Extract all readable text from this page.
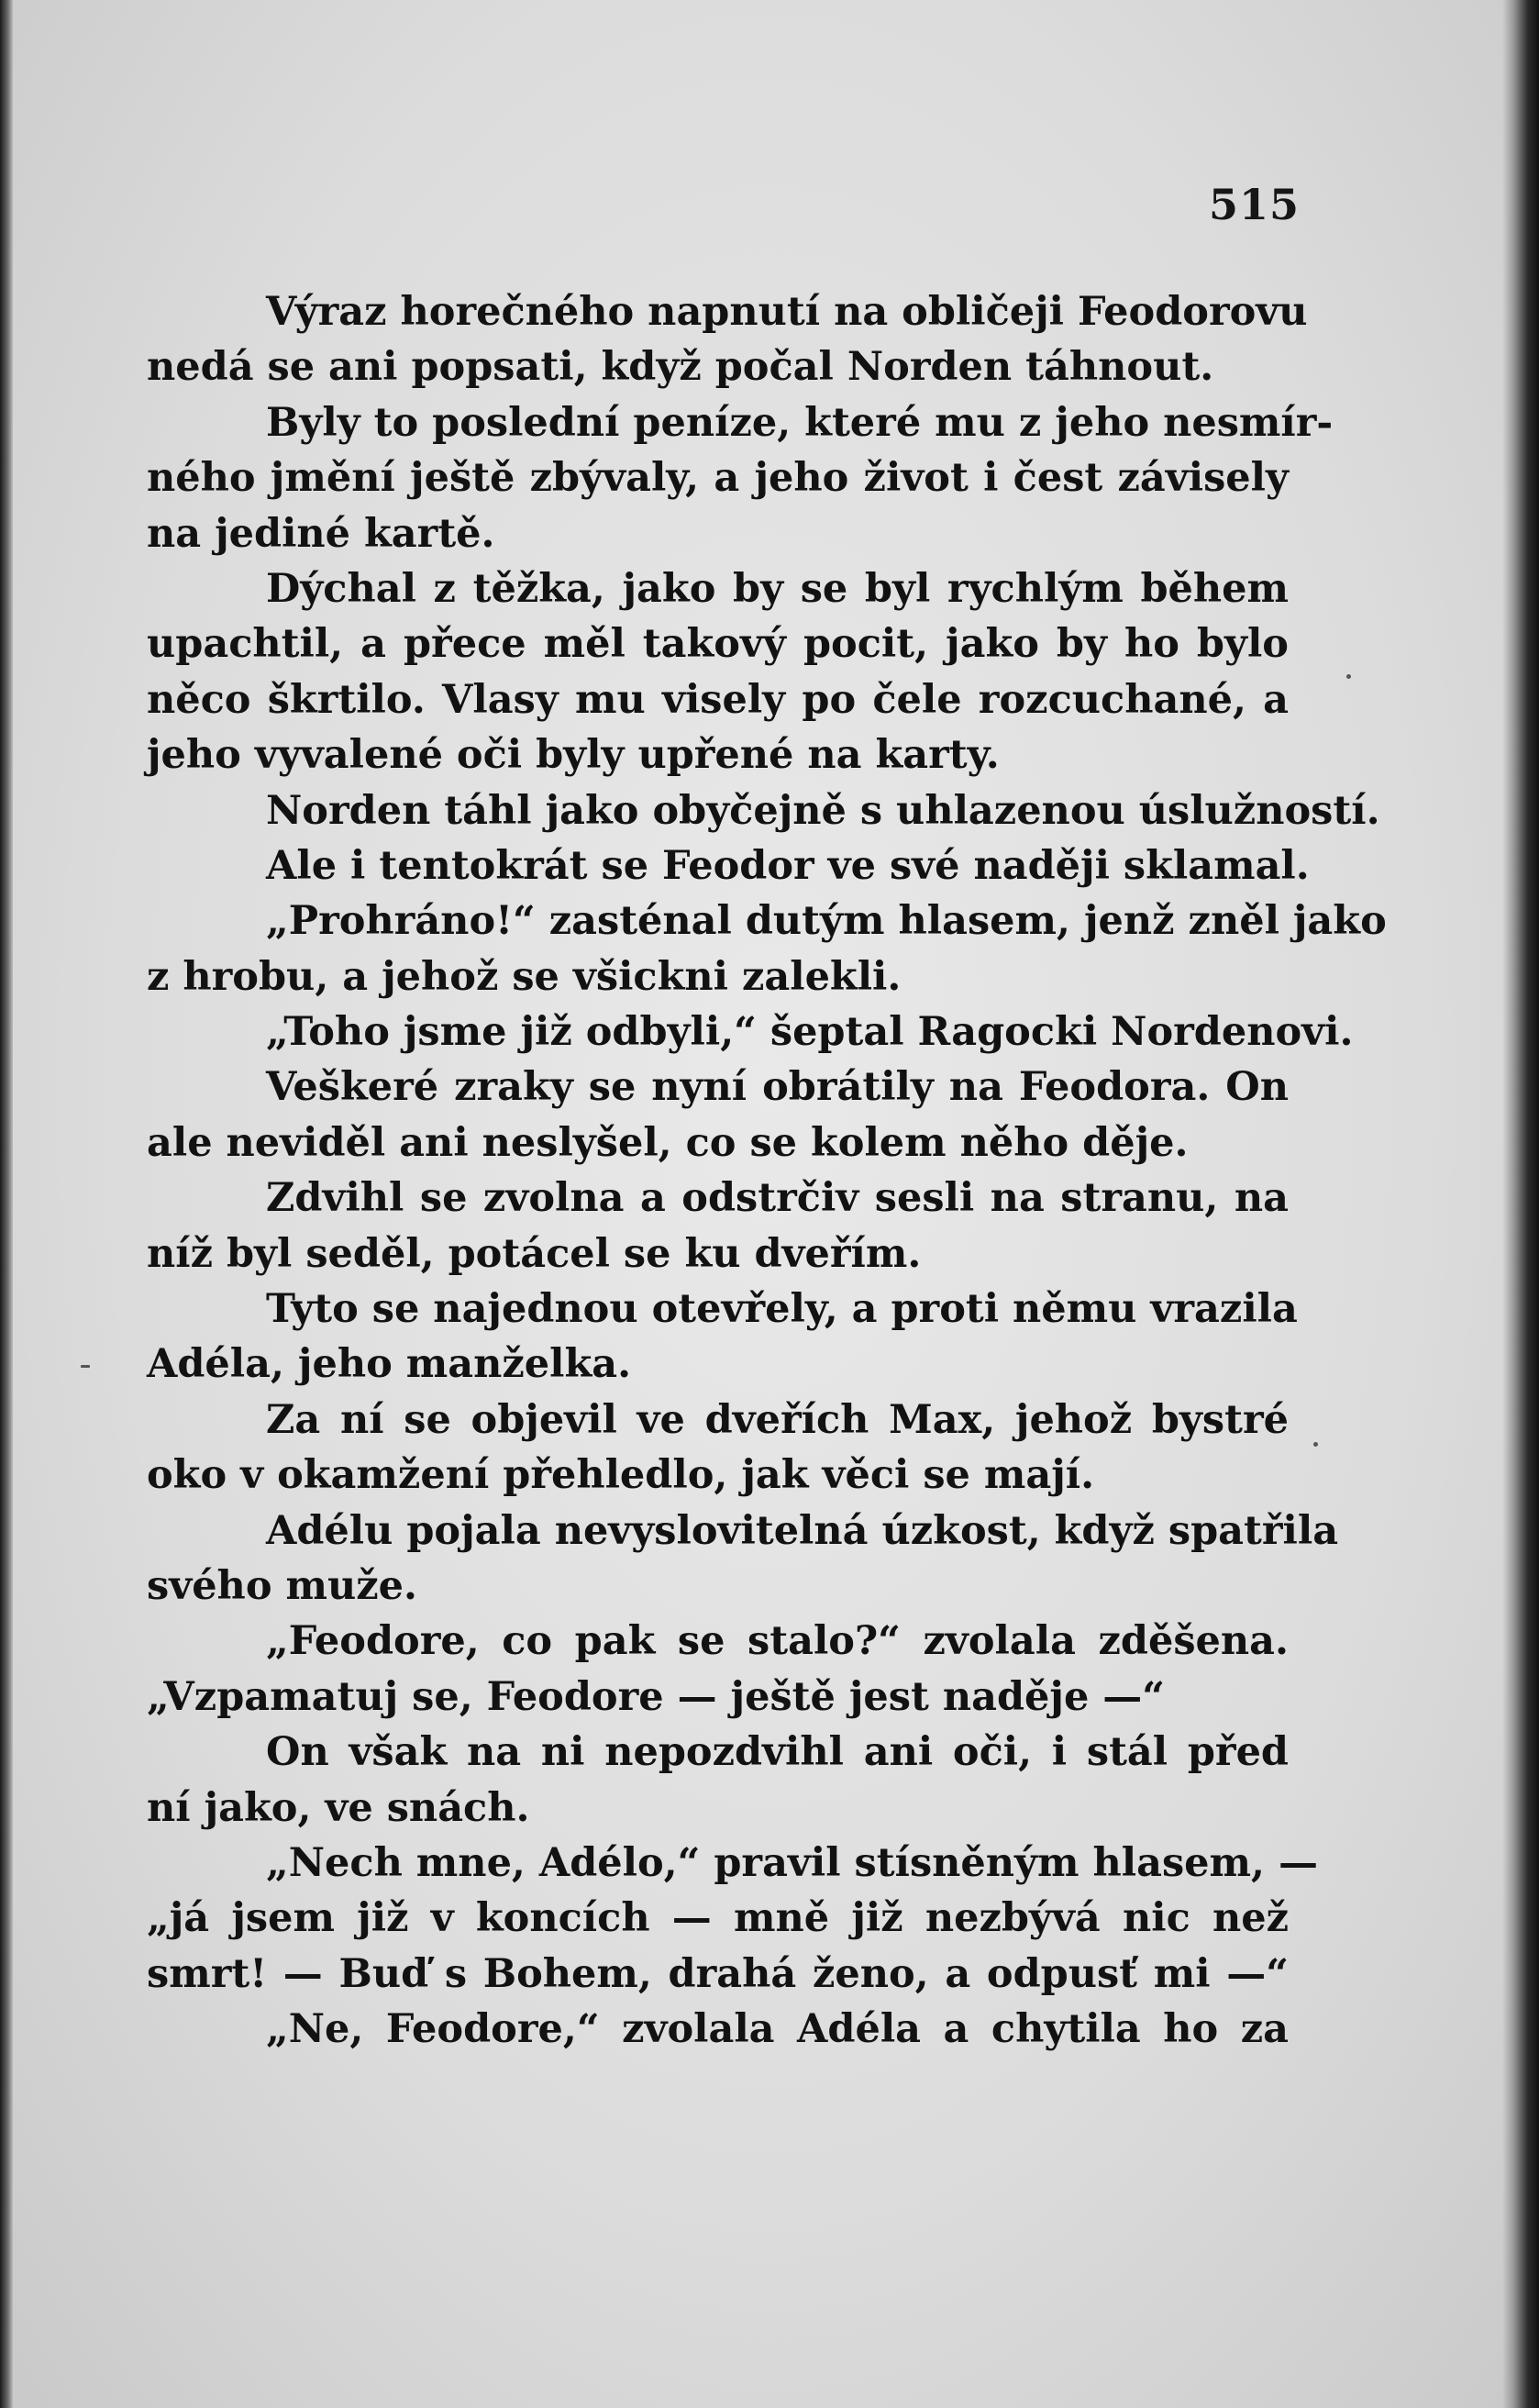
515
Výraz horečného napnutí na obličeji Feodorovu
nedá se ani popsati, když počal Norden táhnout.
Byly to poslední peníze, které mu z jeho nesmír-
ného jmění ještě zbývaly, a jeho život i čest závisely
na jediné kartě.
Dýchal z těžka, jako by se byl rychlým během
upachtil, a přece měl takový pocit, jako by ho bylo
něco škrtilo. Vlasy mu visely po čele rozcuchané, a
jeho vyvalené oči byly upřené na karty.
Norden táhl jako obyčejně s uhlazenou úslužností.
Ale i tentokrát se Feodor ve své naději sklamal.
„Prohráno!“ zasténal dutým hlasem, jenž zněl jako
z hrobu, a jehož se všickni zalekli.
„Toho jsme již odbyli,“ šeptal Ragocki Nordenovi.
Veškeré zraky se nyní obrátily na Feodora. On
ale neviděl ani neslyšel, co se kolem něho děje.
Zdvihl se zvolna a odstrčiv sesli na stranu, na
níž byl seděl, potácel se ku dveřím.
Tyto se najednou otevřely, a proti němu vrazila
Adéla, jeho manželka.
Za ní se objevil ve dveřích Max, jehož bystré
oko v okamžení přehledlo, jak věci se mají.
Adélu pojala nevyslovitelná úzkost, když spatřila
svého muže.
„Feodore, co pak se stalo?“ zvolala zděšena.
„Vzpamatuj se, Feodore — ještě jest naděje —“
On však na ni nepozdvihl ani oči, i stál před
ní jako, ve snách.
„Nech mne, Adélo,“ pravil stísněným hlasem, —
„já jsem již v koncích — mně již nezbývá nic než
smrt! — Buď s Bohem, drahá ženo, a odpusť mi —“
„Ne, Feodore,“ zvolala Adéla a chytila ho za
